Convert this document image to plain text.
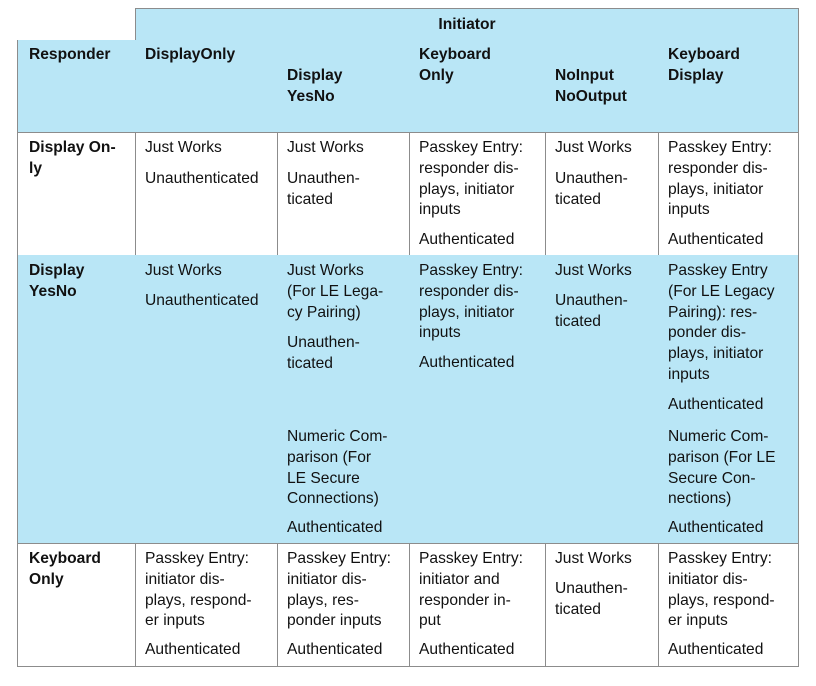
Initiator
Responder DisplayOnly
Display
YesNo
Keyboard
Only	NoInput
NoOutput
Keyboard
Display
Display On-
ly
Just Works
Unauthenticated
Just Works
Unauthen-
ticated
Passkey Entry:
responder dis-
plays, initiator
inputs
Authenticated
Just Works
Unauthen-
ticated
Passkey Entry:
responder dis-
plays, initiator
inputs
Authenticated
Display
YesNo
Just Works
Unauthenticated
Just Works
(For LE Lega-
cy Pairing)
Unauthen-
ticated
Numeric Com-
parison (For
LE Secure
Connections)
Authenticated
Passkey Entry:
responder dis-
plays, initiator
inputs
Authenticated
Just Works
Unauthen-
ticated
Passkey Entry
(For LE Legacy
Pairing): res-
ponder dis-
plays, initiator
inputs
Authenticated
Numeric Com-
parison (For LE
Secure Con-
nections)
Authenticated
Keyboard
Only
Passkey Entry:
initiator dis-
plays, respond-
er inputs
Authenticated
Passkey Entry:
initiator dis-
plays, res-
ponder inputs
Authenticated
Passkey Entry:
initiator and
responder in-
put
Authenticated
Just Works
Unauthen-
ticated
Passkey Entry:
initiator dis-
plays, respond-
er inputs
Authenticated
